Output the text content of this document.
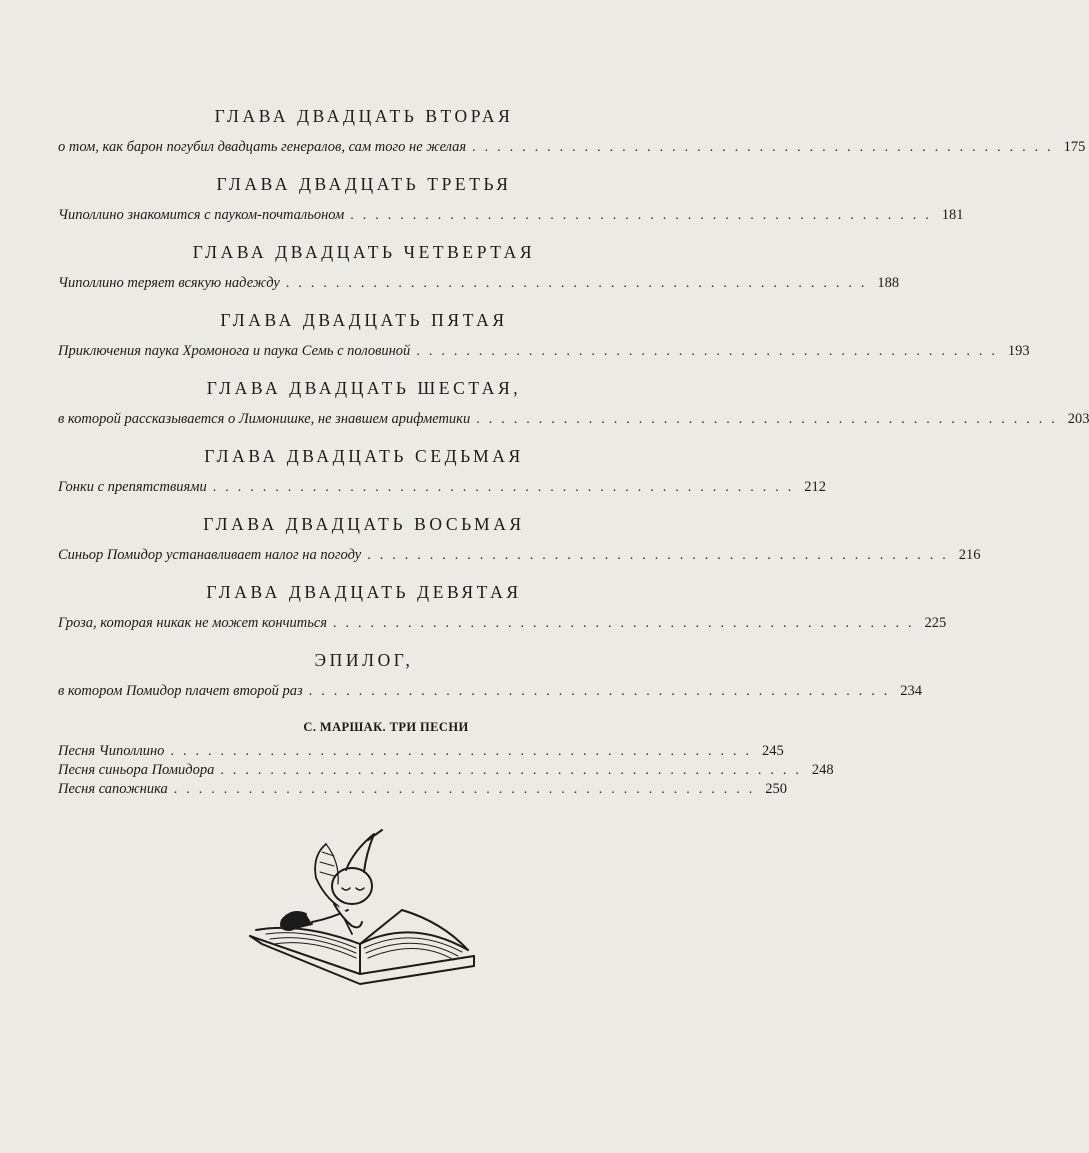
ГЛАВА ДВАДЦАТЬ ВТОРАЯ
о том, как барон погубил двадцать генералов, сам того не желая ............................................... 175
ГЛАВА ДВАДЦАТЬ ТРЕТЬЯ
Чиполлино знакомится с пауком-почтальоном ............................................... 181
ГЛАВА ДВАДЦАТЬ ЧЕТВЕРТАЯ
Чиполлино теряет всякую надежду ............................................... 188
ГЛАВА ДВАДЦАТЬ ПЯТАЯ
Приключения паука Хромонога и паука Семь с половиной ............................................... 193
ГЛАВА ДВАДЦАТЬ ШЕСТАЯ,
в которой рассказывается о Лимонишке, не знавшем арифметики ............................................... 203
ГЛАВА ДВАДЦАТЬ СЕДЬМАЯ
Гонки с препятствиями ............................................... 212
ГЛАВА ДВАДЦАТЬ ВОСЬМАЯ
Синьор Помидор устанавливает налог на погоду ............................................... 216
ГЛАВА ДВАДЦАТЬ ДЕВЯТАЯ
Гроза, которая никак не может кончиться ............................................... 225
ЭПИЛОГ,
в котором Помидор плачет второй раз ............................................... 234
С. МАРШАК. ТРИ ПЕСНИ
Песня Чиполлино ............................................... 245
Песня синьора Помидора ............................................... 248
Песня сапожника ............................................... 250
